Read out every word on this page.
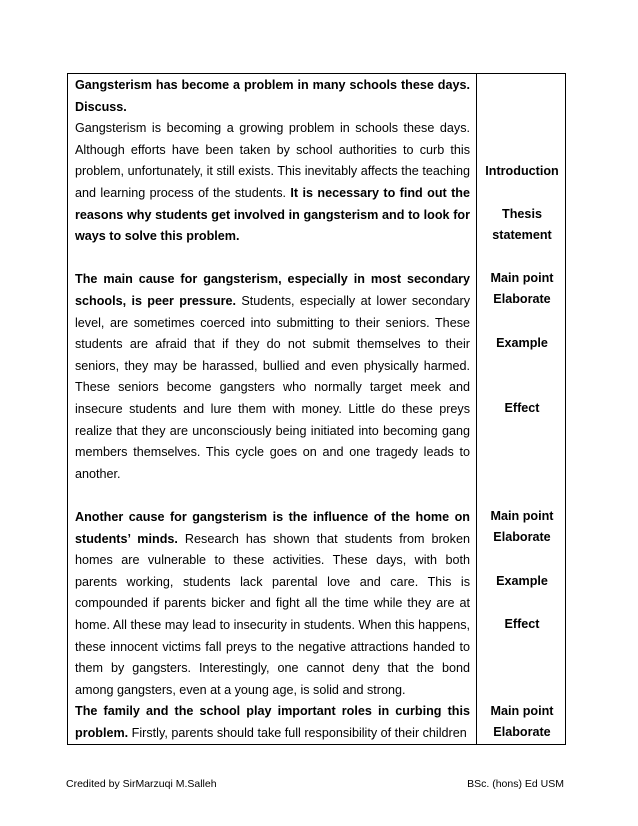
Gangsterism has become a problem in many schools these days.
Discuss.
Gangsterism is becoming a growing problem in schools these days.
Although efforts have been taken by school authorities to curb this
problem, unfortunately, it still exists. This inevitably affects the teaching
and learning process of the students. It is necessary to find out the
reasons why students get involved in gangsterism and to look for
ways to solve this problem.
The main cause for gangsterism, especially in most secondary
schools, is peer pressure. Students, especially at lower secondary
level, are sometimes coerced into submitting to their seniors. These
students are afraid that if they do not submit themselves to their
seniors, they may be harassed, bullied and even physically harmed.
These seniors become gangsters who normally target meek and
insecure students and lure them with money. Little do these preys
realize that they are unconsciously being initiated into becoming gang
members themselves. This cycle goes on and one tragedy leads to
another.
Another cause for gangsterism is the influence of the home on
students’ minds. Research has shown that students from broken
homes are vulnerable to these activities. These days, with both
parents working, students lack parental love and care. This is
compounded if parents bicker and fight all the time while they are at
home. All these may lead to insecurity in students. When this happens,
these innocent victims fall preys to the negative attractions handed to
them by gangsters. Interestingly, one cannot deny that the bond
among gangsters, even at a young age, is solid and strong.
The family and the school play important roles in curbing this
problem. Firstly, parents should take full responsibility of their children
Introduction
Thesis
statement
Main point
Elaborate
Example
Effect
Main point
Elaborate
Example
Effect
Main point
Elaborate
Credited by SirMarzuqi M.Salleh	BSc. (hons) Ed USM
